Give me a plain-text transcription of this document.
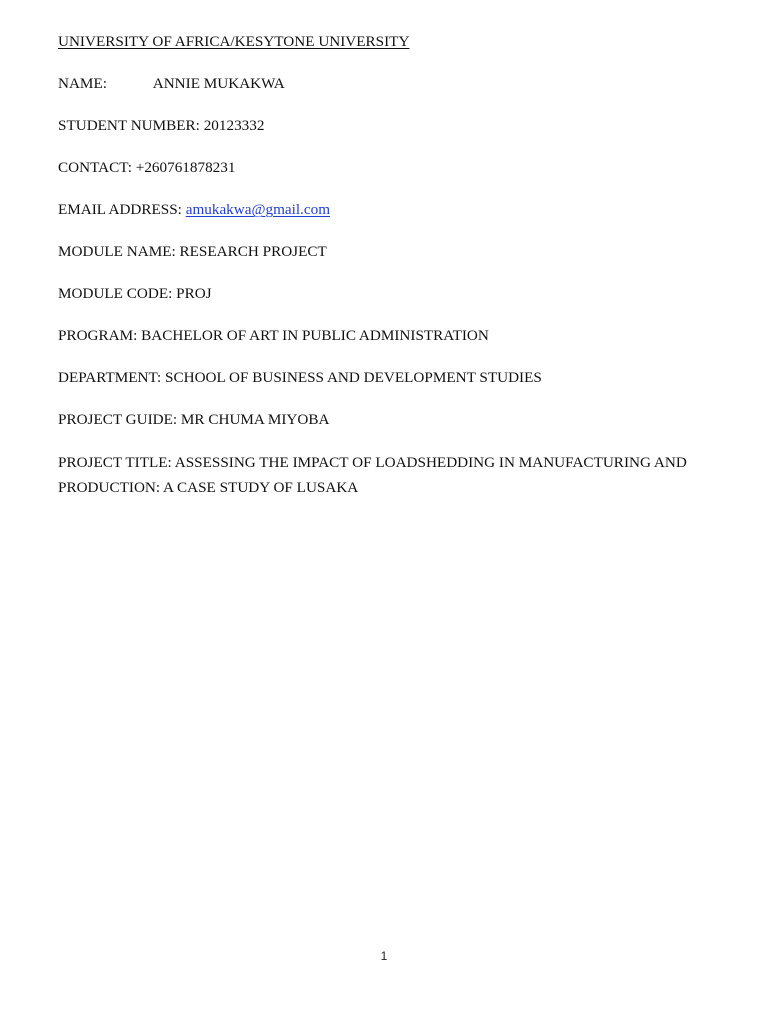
UNIVERSITY OF AFRICA/KESYTONE UNIVERSITY

NAME:	ANNIE MUKAKWA

STUDENT NUMBER: 20123332

CONTACT: +260761878231

EMAIL ADDRESS: amukakwa@gmail.com

MODULE NAME: RESEARCH PROJECT

MODULE CODE: PROJ

PROGRAM: BACHELOR OF ART IN PUBLIC ADMINISTRATION

DEPARTMENT: SCHOOL OF BUSINESS AND DEVELOPMENT STUDIES

PROJECT GUIDE: MR CHUMA MIYOBA

PROJECT TITLE: ASSESSING THE IMPACT OF LOADSHEDDING IN MANUFACTURING AND PRODUCTION: A CASE STUDY OF LUSAKA

1
